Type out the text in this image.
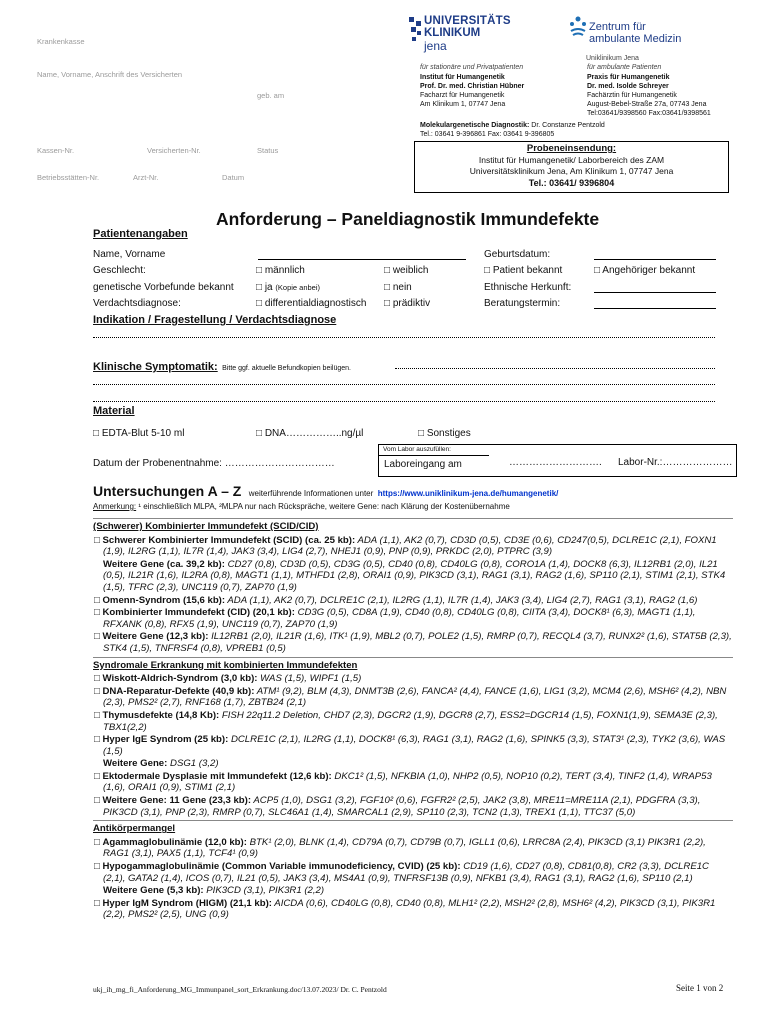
Krankenkasse
Name, Vorname, Anschrift des Versicherten
geb. am
Kassen-Nr.	Versicherten-Nr.	Status
Betriebsstätten-Nr.	Arzt-Nr.	Datum
UNIVERSITÄTS
KLINIKUM
jena
Zentrum für
ambulante Medizin
Uniklinikum Jena
für stationäre und Privatpatienten
Institut für Humangenetik
Prof. Dr. med. Christian Hübner
Facharzt für Humangenetik
Am Klinikum 1, 07747 Jena
für ambulante Patienten
Praxis für Humangenetik
Dr. med. Isolde Schreyer
Fachärztin für Humangenetik
August-Bebel-Straße 27a, 07743 Jena
Tel:03641/9398560 Fax:03641/9398561
Molekulargenetische Diagnostik: Dr. Constanze Pentzold
Tel.: 03641 9-396861 Fax: 03641 9-396805
Probeneinsendung:
Institut für Humangenetik/ Laborbereich des ZAM
Universitätsklinikum Jena, Am Klinikum 1, 07747 Jena
Tel.: 03641/ 9396804
Anforderung – Paneldiagnostik Immundefekte
Patientenangaben
Name, Vorname	Geburtsdatum:
Geschlecht:	□ männlich	□ weiblich	□ Patient bekannt	□ Angehöriger bekannt
genetische Vorbefunde bekannt □ ja (Kopie anbei)	□ nein	Ethnische Herkunft:
Verdachtsdiagnose:	□ differentialdiagnostisch □ prädiktiv	Beratungstermin:
Indikation / Fragestellung / Verdachtsdiagnose
Klinische Symptomatik: Bitte ggf. aktuelle Befundkopien beilügen.
Material
□ EDTA-Blut 5-10 ml	□ DNA……………..ng/µl	□ Sonstiges
Datum der Probenentnahme: ……………………………
Vom Labor auszufüllen:
Laboreingang am	………………………. Labor-Nr.:…………………
Untersuchungen A – Z weiterführende Informationen unter https://www.uniklinikum-jena.de/humangenetik/
Anmerkung: ¹ einschließlich MLPA, ²MLPA nur nach Rückspräche, weitere Gene: nach Klärung der Kostenübernahme

(Schwerer) Kombinierter Immundefekt (SCID/CID)

□ Schwerer Kombinierter Immundefekt (SCID) (ca. 25 kb): ADA (1,1), AK2 (0,7), CD3D (0,5), CD3E (0,6), CD247(0,5), DCLRE1C (2,1), FOXN1 (1,9), IL2RG (1,1), IL7R (1,4), JAK3 (3,4), LIG4 (2,7), NHEJ1 (0,9), PNP (0,9), PRKDC (2,0), PTPRC (3,9)

Weitere Gene (ca. 39,2 kb): CD27 (0,8), CD3D (0,5), CD3G (0,5), CD40 (0,8), CD40LG (0,8), CORO1A (1,4), DOCK8 (6,3), IL12RB1 (2,0), IL21 (0,5), IL21R (1,6), IL2RA (0,8), MAGT1 (1,1), MTHFD1 (2,8), ORAI1 (0,9), PIK3CD (3,1), RAG1 (3,1), RAG2 (1,6), SP110 (2,1), STIM1 (2,1), STK4 (1,5), TFRC (2,3), UNC119 (0,7), ZAP70 (1,9)

□ Omenn-Syndrom (15,6 kb): ADA (1,1), AK2 (0,7), DCLRE1C (2,1), IL2RG (1,1), IL7R (1,4), JAK3 (3,4), LIG4 (2,7), RAG1 (3,1), RAG2 (1,6)

□ Kombinierter Immundefekt (CID) (20,1 kb): CD3G (0,5), CD8A (1,9), CD40 (0,8), CD40LG (0,8), CIITA (3,4), DOCK8¹ (6,3), MAGT1 (1,1), RFXANK (0,8), RFX5 (1,9), UNC119 (0,7), ZAP70 (1,9)

□ Weitere Gene (12,3 kb): IL12RB1 (2,0), IL21R (1,6), ITK¹ (1,9), MBL2 (0,7), POLE2 (1,5), RMRP (0,7), RECQL4 (3,7), RUNX2² (1,6), STAT5B (2,3), STK4 (1,5), TNFRSF4 (0,8), VPREB1 (0,5)

Syndromale Erkrankung mit kombinierten Immundefekten

□ Wiskott-Aldrich-Syndrom (3,0 kb): WAS (1,5), WIPF1 (1,5)

□ DNA-Reparatur-Defekte (40,9 kb): ATM¹ (9,2), BLM (4,3), DNMT3B (2,6), FANCA² (4,4), FANCE (1,6), LIG1 (3,2), MCM4 (2,6), MSH6² (4,2), NBN (2,3), PMS2² (2,7), RNF168 (1,7), ZBTB24 (2,1)

□ Thymusdefekte (14,8 Kb): FISH 22q11.2 Deletion, CHD7 (2,3), DGCR2 (1,9), DGCR8 (2,7), ESS2=DGCR14 (1,5), FOXN1(1,9), SEMA3E (2,3), TBX1(2,2)

□ Hyper IgE Syndrom (25 kb): DCLRE1C (2,1), IL2RG (1,1), DOCK8¹ (6,3), RAG1 (3,1), RAG2 (1,6), SPINK5 (3,3), STAT3¹ (2,3), TYK2 (3,6), WAS (1,5)

Weitere Gene: DSG1 (3,2)

□ Ektodermale Dysplasie mit Immundefekt (12,6 kb): DKC1² (1,5), NFKBIA (1,0), NHP2 (0,5), NOP10 (0,2), TERT (3,4), TINF2 (1,4), WRAP53 (1,6), ORAI1 (0,9), STIM1 (2,1)

□ Weitere Gene: 11 Gene (23,3 kb): ACP5 (1,0), DSG1 (3,2), FGF10² (0,6), FGFR2² (2,5), JAK2 (3,8), MRE11=MRE11A (2,1), PDGFRA (3,3), PIK3CD (3,1), PNP (2,3), RMRP (0,7), SLC46A1 (1,4), SMARCAL1 (2,9), SP110 (2,3), TCN2 (1,3), TREX1 (1,1), TTC37 (5,0)

Antikörpermangel

□ Agammaglobulinämie (12,0 kb): BTK¹ (2,0), BLNK (1,4), CD79A (0,7), CD79B (0,7), IGLL1 (0,6), LRRC8A (2,4), PIK3CD (3,1) PIK3R1 (2,2), RAG1 (3,1), PAX5 (1,1), TCF4¹ (0,9)

□ Hypogammaglobulinämie (Common Variable immunodeficiency, CVID) (25 kb): CD19 (1,6), CD27 (0,8), CD81(0,8), CR2 (3,3), DCLRE1C (2,1), GATA2 (1,4), ICOS (0,7), IL21 (0,5), JAK3 (3,4), MS4A1 (0,9), TNFRSF13B (0,9), NFKB1 (3,4), RAG1 (3,1), RAG2 (1,6), SP110 (2,1)

Weitere Gene (5,3 kb): PIK3CD (3,1), PIK3R1 (2,2)

□ Hyper IgM Syndrom (HIGM) (21,1 kb): AICDA (0,6), CD40LG (0,8), CD40 (0,8), MLH1² (2,2), MSH2² (2,8), MSH6² (4,2), PIK3CD (3,1), PIK3R1 (2,2), PMS2² (2,5), UNG (0,9)

ukj_ih_mg_fi_Anforderung_MG_Immunpanel_sort_Erkrankung.doc/13.07.2023/ Dr. C. Pentzold	Seite 1 von 2
